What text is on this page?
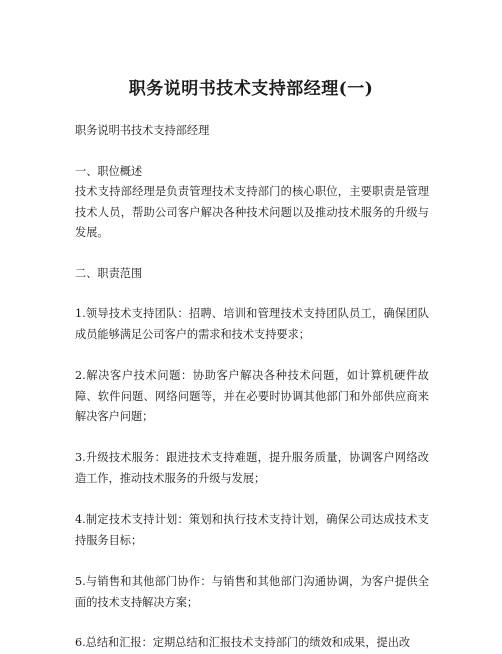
职务说明书技术支持部经理(一)
职务说明书技术支持部经理
一、职位概述
技术支持部经理是负责管理技术支持部门的核心职位，主要职责是管理技术人员，帮助公司客户解决各种技术问题以及推动技术服务的升级与发展。
二、职责范围
1.领导技术支持团队：招聘、培训和管理技术支持团队员工，确保团队成员能够满足公司客户的需求和技术支持要求；
2.解决客户技术问题：协助客户解决各种技术问题，如计算机硬件故障、软件问题、网络问题等，并在必要时协调其他部门和外部供应商来解决客户问题；
3.升级技术服务：跟进技术支持难题，提升服务质量，协调客户网络改造工作，推动技术服务的升级与发展；
4.制定技术支持计划：策划和执行技术支持计划，确保公司达成技术支持服务目标；
5.与销售和其他部门协作：与销售和其他部门沟通协调，为客户提供全面的技术支持解决方案；
6.总结和汇报：定期总结和汇报技术支持部门的绩效和成果，提出改
